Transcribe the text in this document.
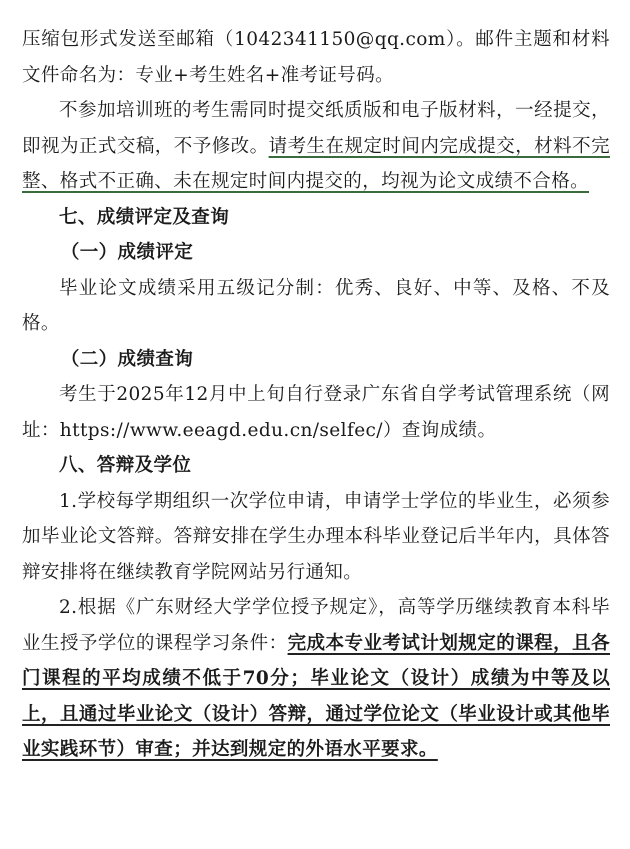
压缩包形式发送至邮箱（1042341150@qq.com）。邮件主题和材料文件命名为：专业+考生姓名+准考证号码。

不参加培训班的考生需同时提交纸质版和电子版材料，一经提交，即视为正式交稿，不予修改。请考生在规定时间内完成提交，材料不完整、格式不正确、未在规定时间内提交的，均视为论文成绩不合格。

七、成绩评定及查询

（一）成绩评定

毕业论文成绩采用五级记分制：优秀、良好、中等、及格、不及格。

（二）成绩查询

考生于2025年12月中上旬自行登录广东省自学考试管理系统（网址：https://www.eeagd.edu.cn/selfec/）查询成绩。

八、答辩及学位

1.学校每学期组织一次学位申请，申请学士学位的毕业生，必须参加毕业论文答辩。答辩安排在学生办理本科毕业登记后半年内，具体答辩安排将在继续教育学院网站另行通知。

2.根据《广东财经大学学位授予规定》，高等学历继续教育本科毕业生授予学位的课程学习条件：完成本专业考试计划规定的课程，且各门课程的平均成绩不低于70分；毕业论文（设计）成绩为中等及以上，且通过毕业论文（设计）答辩，通过学位论文（毕业设计或其他毕业实践环节）审查；并达到规定的外语水平要求。
